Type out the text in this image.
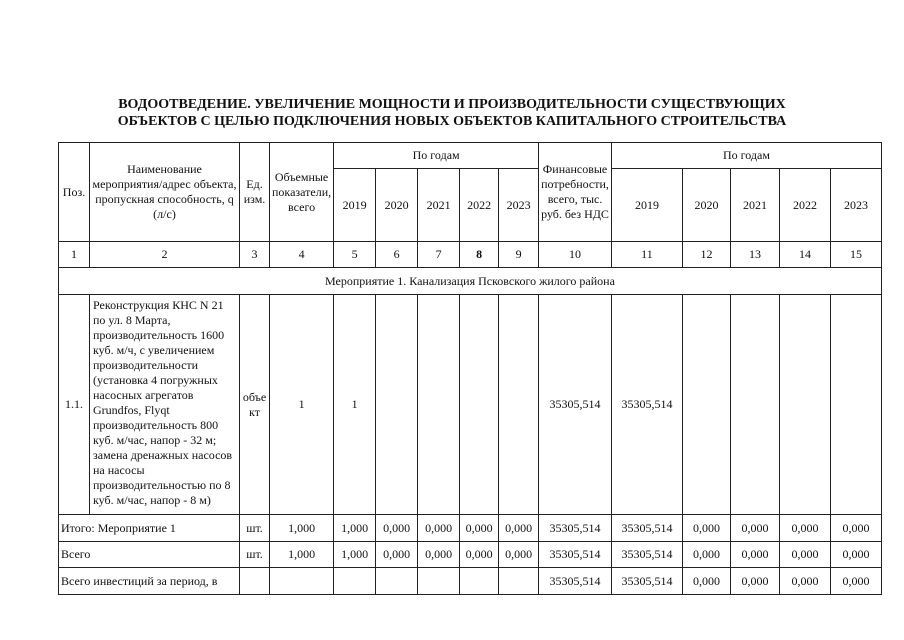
ВОДООТВЕДЕНИЕ. УВЕЛИЧЕНИЕ МОЩНОСТИ И ПРОИЗВОДИТЕЛЬНОСТИ СУЩЕСТВУЮЩИХ
ОБЪЕКТОВ С ЦЕЛЬЮ ПОДКЛЮЧЕНИЯ НОВЫХ ОБЪЕКТОВ КАПИТАЛЬНОГО СТРОИТЕЛЬСТВА
Поз.	Наименование мероприятия/адрес объекта, пропускная способность, q (л/с)	Ед. изм.	Объемные показатели, всего	По годам					Финансовые потребности, всего, тыс. руб. без НДС	По годам				
				2019	2020	2021	2022	2023		2019	2020	2021	2022	2023
1	2	3	4	5	6	7	8	9	10	11	12	13	14	15
Мероприятие 1. Канализация Псковского жилого района														
1.1.	Реконструкция КНС N 21 по ул. 8 Марта, производительность 1600 куб. м/ч, с увеличением производительности (установка 4 погружных насосных агрегатов Grundfos, Flyqt производительность 800 куб. м/час, напор - 32 м; замена дренажных насосов на насосы производительностью по 8 куб. м/час, напор - 8 м)	объект	1	1					35305,514	35305,514				
Итого: Мероприятие 1		шт.	1,000	1,000	0,000	0,000	0,000	0,000	35305,514	35305,514	0,000	0,000	0,000	0,000
Всего		шт.	1,000	1,000	0,000	0,000	0,000	0,000	35305,514	35305,514	0,000	0,000	0,000	0,000
Всего инвестиций за период, в									35305,514	35305,514	0,000	0,000	0,000	0,000
